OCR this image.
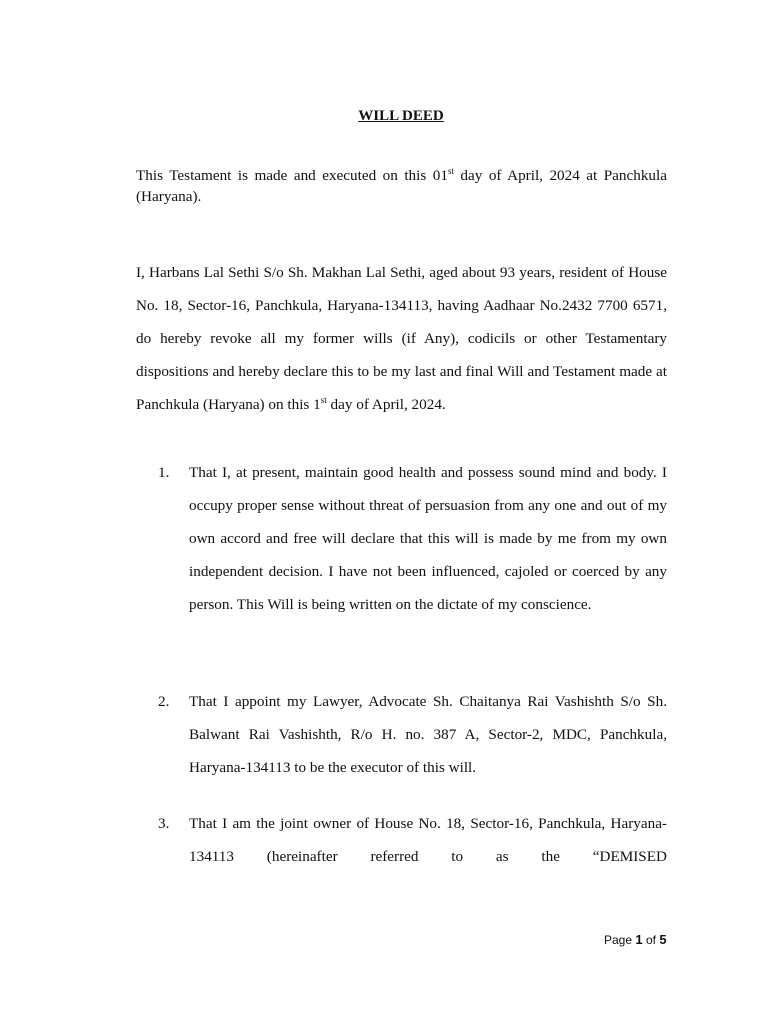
WILL DEED

This Testament is made and executed on this 01st day of April, 2024 at Panchkula (Haryana).

I, Harbans Lal Sethi S/o Sh. Makhan Lal Sethi, aged about 93 years, resident of House No. 18, Sector-16, Panchkula, Haryana-134113, having Aadhaar No.2432 7700 6571, do hereby revoke all my former wills (if Any), codicils or other Testamentary dispositions and hereby declare this to be my last and final Will and Testament made at Panchkula (Haryana) on this 1st day of April, 2024.

1.	That I, at present, maintain good health and possess sound mind and body. I occupy proper sense without threat of persuasion from any one and out of my own accord and free will declare that this will is made by me from my own independent decision. I have not been influenced, cajoled or coerced by any person. This Will is being written on the dictate of my conscience.
2.	That I appoint my Lawyer, Advocate Sh. Chaitanya Rai Vashishth S/o Sh. Balwant Rai Vashishth, R/o H. no. 387 A, Sector-2, MDC, Panchkula, Haryana-134113 to be the executor of this will.
3.	That I am the joint owner of House No. 18, Sector-16, Panchkula, Haryana-134113 (hereinafter referred to as the “DEMISED
Page 1 of 5
